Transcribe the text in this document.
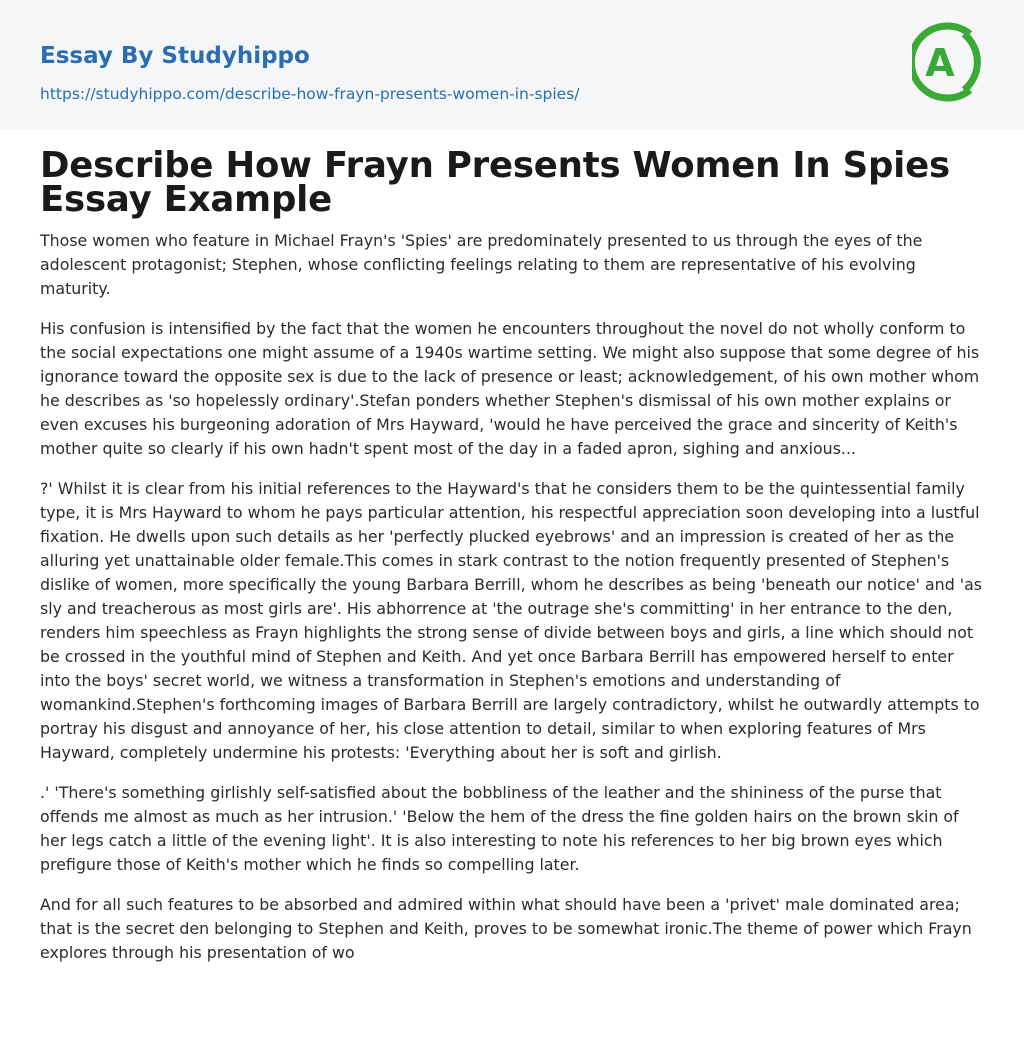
Essay By Studyhippo
https://studyhippo.com/describe-how-frayn-presents-women-in-spies/
A
Describe How Frayn Presents Women In Spies Essay Example

Those women who feature in Michael Frayn's 'Spies' are predominately presented to us through the eyes of the adolescent protagonist; Stephen, whose conflicting feelings relating to them are representative of his evolving maturity.

His confusion is intensified by the fact that the women he encounters throughout the novel do not wholly conform to the social expectations one might assume of a 1940s wartime setting. We might also suppose that some degree of his ignorance toward the opposite sex is due to the lack of presence or least; acknowledgement, of his own mother whom he describes as 'so hopelessly ordinary'.Stefan ponders whether Stephen's dismissal of his own mother explains or even excuses his burgeoning adoration of Mrs Hayward, 'would he have perceived the grace and sincerity of Keith's mother quite so clearly if his own hadn't spent most of the day in a faded apron, sighing and anxious...

?' Whilst it is clear from his initial references to the Hayward's that he considers them to be the quintessential family type, it is Mrs Hayward to whom he pays particular attention, his respectful appreciation soon developing into a lustful fixation. He dwells upon such details as her 'perfectly plucked eyebrows' and an impression is created of her as the alluring yet unattainable older female.This comes in stark contrast to the notion frequently presented of Stephen's dislike of women, more specifically the young Barbara Berrill, whom he describes as being 'beneath our notice' and 'as sly and treacherous as most girls are'. His abhorrence at 'the outrage she's committing' in her entrance to the den, renders him speechless as Frayn highlights the strong sense of divide between boys and girls, a line which should not be crossed in the youthful mind of Stephen and Keith. And yet once Barbara Berrill has empowered herself to enter into the boys' secret world, we witness a transformation in Stephen's emotions and understanding of womankind.Stephen's forthcoming images of Barbara Berrill are largely contradictory, whilst he outwardly attempts to portray his disgust and annoyance of her, his close attention to detail, similar to when exploring features of Mrs Hayward, completely undermine his protests: 'Everything about her is soft and girlish.

.' 'There's something girlishly self-satisfied about the bobbliness of the leather and the shininess of the purse that offends me almost as much as her intrusion.' 'Below the hem of the dress the fine golden hairs on the brown skin of her legs catch a little of the evening light'. It is also interesting to note his references to her big brown eyes which prefigure those of Keith's mother which he finds so compelling later.

And for all such features to be absorbed and admired within what should have been a 'privet' male dominated area; that is the secret den belonging to Stephen and Keith, proves to be somewhat ironic.The theme of power which Frayn explores through his presentation of wo
